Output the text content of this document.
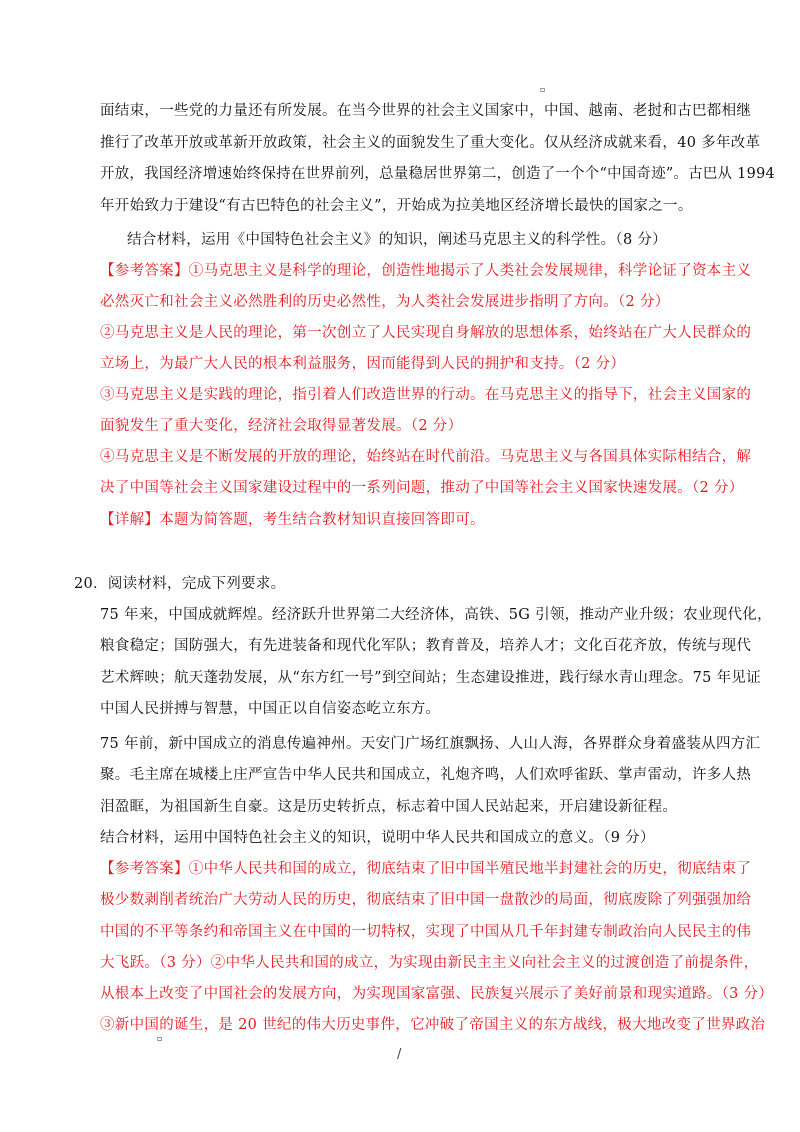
▫
面结束，一些党的力量还有所发展。在当今世界的社会主义国家中，中国、越南、老挝和古巴都相继
推行了改革开放或革新开放政策，社会主义的面貌发生了重大变化。仅从经济成就来看，40 多年改革
开放，我国经济增速始终保持在世界前列，总量稳居世界第二，创造了一个个“中国奇迹”。古巴从 1994
年开始致力于建设“有古巴特色的社会主义”，开始成为拉美地区经济增长最快的国家之一。
结合材料，运用《中国特色社会主义》的知识，阐述马克思主义的科学性。（8 分）
【参考答案】①马克思主义是科学的理论，创造性地揭示了人类社会发展规律，科学论证了资本主义
必然灭亡和社会主义必然胜利的历史必然性，为人类社会发展进步指明了方向。（2 分）
②马克思主义是人民的理论，第一次创立了人民实现自身解放的思想体系，始终站在广大人民群众的
立场上，为最广大人民的根本利益服务，因而能得到人民的拥护和支持。（2 分）
③马克思主义是实践的理论，指引着人们改造世界的行动。在马克思主义的指导下，社会主义国家的
面貌发生了重大变化，经济社会取得显著发展。（2 分）
④马克思主义是不断发展的开放的理论，始终站在时代前沿。马克思主义与各国具体实际相结合，解
决了中国等社会主义国家建设过程中的一系列问题，推动了中国等社会主义国家快速发展。（2 分）
【详解】本题为简答题，考生结合教材知识直接回答即可。
20．阅读材料，完成下列要求。
75 年来，中国成就辉煌。经济跃升世界第二大经济体，高铁、5G 引领，推动产业升级；农业现代化，
粮食稳定；国防强大，有先进装备和现代化军队；教育普及，培养人才；文化百花齐放，传统与现代
艺术辉映；航天蓬勃发展，从“东方红一号”到空间站；生态建设推进，践行绿水青山理念。75 年见证
中国人民拼搏与智慧，中国正以自信姿态屹立东方。
75 年前，新中国成立的消息传遍神州。天安门广场红旗飘扬、人山人海，各界群众身着盛装从四方汇
聚。毛主席在城楼上庄严宣告中华人民共和国成立，礼炮齐鸣，人们欢呼雀跃、掌声雷动，许多人热
泪盈眶，为祖国新生自豪。这是历史转折点，标志着中国人民站起来，开启建设新征程。
结合材料，运用中国特色社会主义的知识，说明中华人民共和国成立的意义。（9 分）
【参考答案】①中华人民共和国的成立，彻底结束了旧中国半殖民地半封建社会的历史，彻底结束了
极少数剥削者统治广大劳动人民的历史，彻底结束了旧中国一盘散沙的局面，彻底废除了列强强加给
中国的不平等条约和帝国主义在中国的一切特权，实现了中国从几千年封建专制政治向人民民主的伟
大飞跃。（3 分）②中华人民共和国的成立，为实现由新民主主义向社会主义的过渡创造了前提条件，
从根本上改变了中国社会的发展方向，为实现国家富强、民族复兴展示了美好前景和现实道路。（3 分）
③新中国的诞生，是 20 世纪的伟大历史事件，它冲破了帝国主义的东方战线，极大地改变了世界政治
▫
/
